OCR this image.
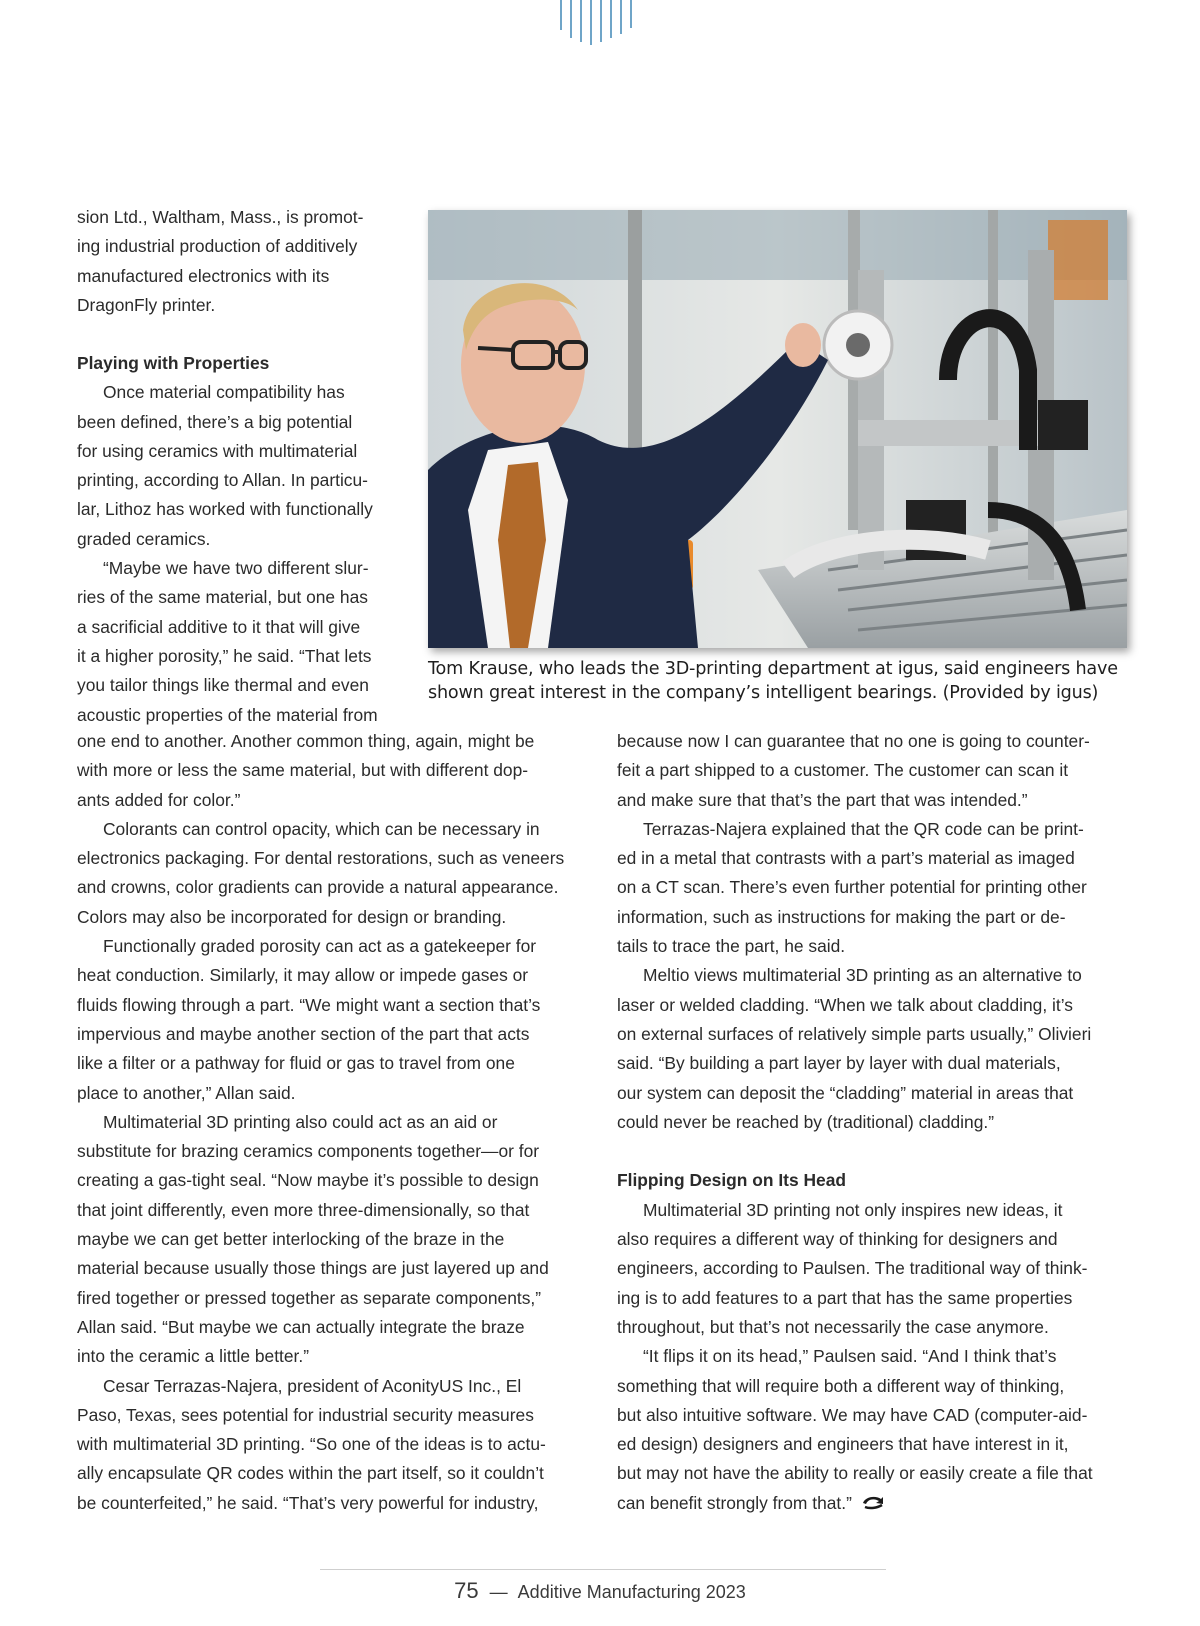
sion Ltd., Waltham, Mass., is promot-

ing industrial production of additively

manufactured electronics with its

DragonFly printer.

Playing with Properties

Once material compatibility has

been defined, there’s a big potential

for using ceramics with multimaterial

printing, according to Allan. In particu-

lar, Lithoz has worked with functionally

graded ceramics.

“Maybe we have two different slur-

ries of the same material, but one has

a sacrificial additive to it that will give

it a higher porosity,” he said. “That lets

you tailor things like thermal and even

acoustic properties of the material from

Tom Krause, who leads the 3D-printing department at igus, said engineers have shown great interest in the company’s intelligent bearings. (Provided by igus)

one end to another. Another common thing, again, might be

with more or less the same material, but with different dop-

ants added for color.”

Colorants can control opacity, which can be necessary in

electronics packaging. For dental restorations, such as veneers

and crowns, color gradients can provide a natural appearance.

Colors may also be incorporated for design or branding.

Functionally graded porosity can act as a gatekeeper for

heat conduction. Similarly, it may allow or impede gases or

fluids flowing through a part. “We might want a section that’s

impervious and maybe another section of the part that acts

like a filter or a pathway for fluid or gas to travel from one

place to another,” Allan said.

Multimaterial 3D printing also could act as an aid or

substitute for brazing ceramics components together—or for

creating a gas-tight seal. “Now maybe it’s possible to design

that joint differently, even more three-dimensionally, so that

maybe we can get better interlocking of the braze in the

material because usually those things are just layered up and

fired together or pressed together as separate components,”

Allan said. “But maybe we can actually integrate the braze

into the ceramic a little better.”

Cesar Terrazas-Najera, president of AconityUS Inc., El

Paso, Texas, sees potential for industrial security measures

with multimaterial 3D printing. “So one of the ideas is to actu-

ally encapsulate QR codes within the part itself, so it couldn’t

be counterfeited,” he said. “That’s very powerful for industry,

because now I can guarantee that no one is going to counter-

feit a part shipped to a customer. The customer can scan it

and make sure that that’s the part that was intended.”

Terrazas-Najera explained that the QR code can be print-

ed in a metal that contrasts with a part’s material as imaged

on a CT scan. There’s even further potential for printing other

information, such as instructions for making the part or de-

tails to trace the part, he said.

Meltio views multimaterial 3D printing as an alternative to

laser or welded cladding. “When we talk about cladding, it’s

on external surfaces of relatively simple parts usually,” Olivieri

said. “By building a part layer by layer with dual materials,

our system can deposit the “cladding” material in areas that

could never be reached by (traditional) cladding.”

Flipping Design on Its Head

Multimaterial 3D printing not only inspires new ideas, it

also requires a different way of thinking for designers and

engineers, according to Paulsen. The traditional way of think-

ing is to add features to a part that has the same properties

throughout, but that’s not necessarily the case anymore.

“It flips it on its head,” Paulsen said. “And I think that’s

something that will require both a different way of thinking,

but also intuitive software. We may have CAD (computer-aid-

ed design) designers and engineers that have interest in it,

but may not have the ability to really or easily create a file that

can benefit strongly from that.”

75 — Additive Manufacturing 2023
